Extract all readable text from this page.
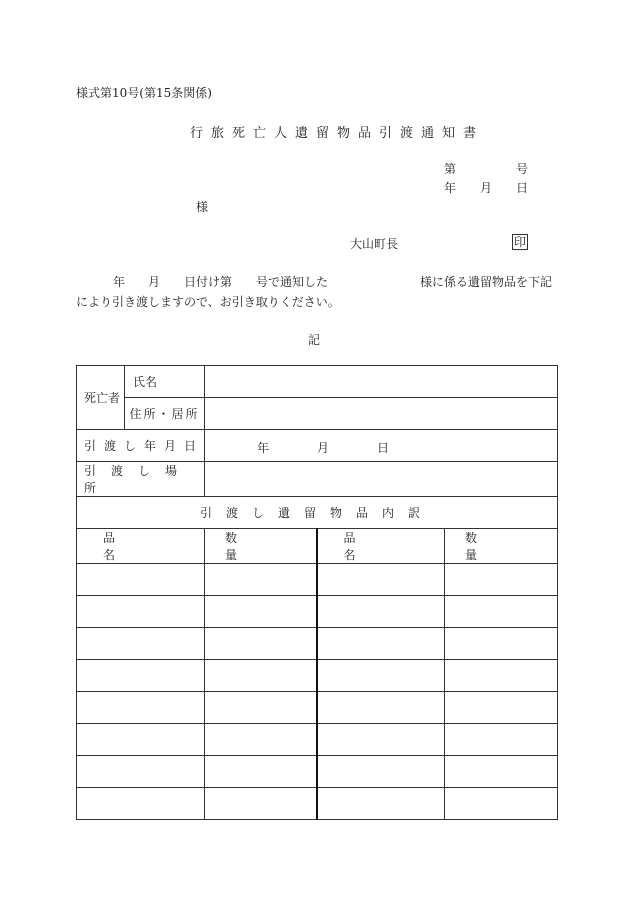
様式第10号(第15条関係)
行旅死亡人遺留物品引渡通知書
第	号
年 月 日
様
大山町長	印
年 月 日付け第 号で通知した	様に係る遺留物品を下記
により引き渡しますので、お引き取りください。
記
死亡者	氏名			

	住所・居所			
引渡し年月日		年 月 日		

引渡し場所				
引渡し遺留物品内訳				

品名		数量	品名	数量
